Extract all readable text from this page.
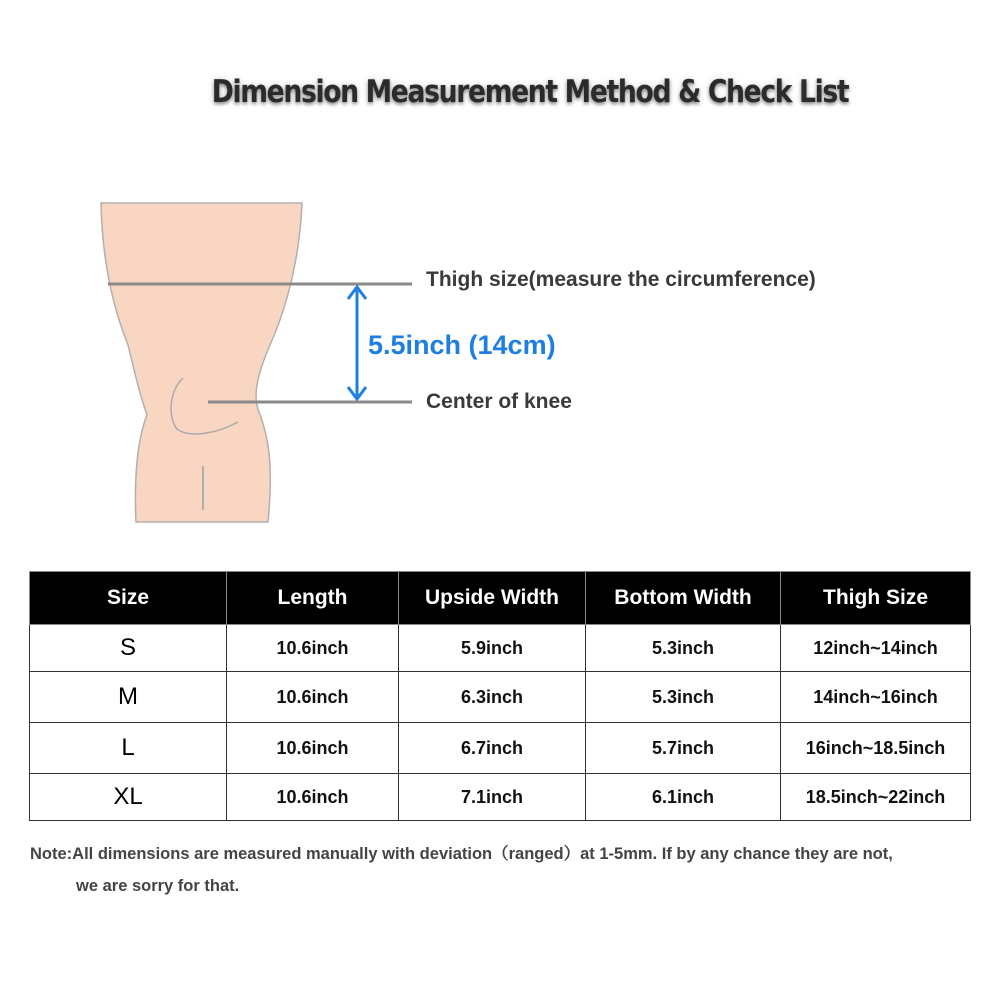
Dimension Measurement Method & Check List
Thigh size(measure the circumference)
5.5inch (14cm)
Center of knee
Size	Length	Upside Width	Bottom Width	Thigh Size
S	10.6inch	5.9inch	5.3inch	12inch~14inch
M	10.6inch	6.3inch	5.3inch	14inch~16inch
L	10.6inch	6.7inch	5.7inch	16inch~18.5inch
XL	10.6inch	7.1inch	6.1inch	18.5inch~22inch
Note:All dimensions are measured manually with deviation（ranged）at 1-5mm. If by any chance they are not,
we are sorry for that.
